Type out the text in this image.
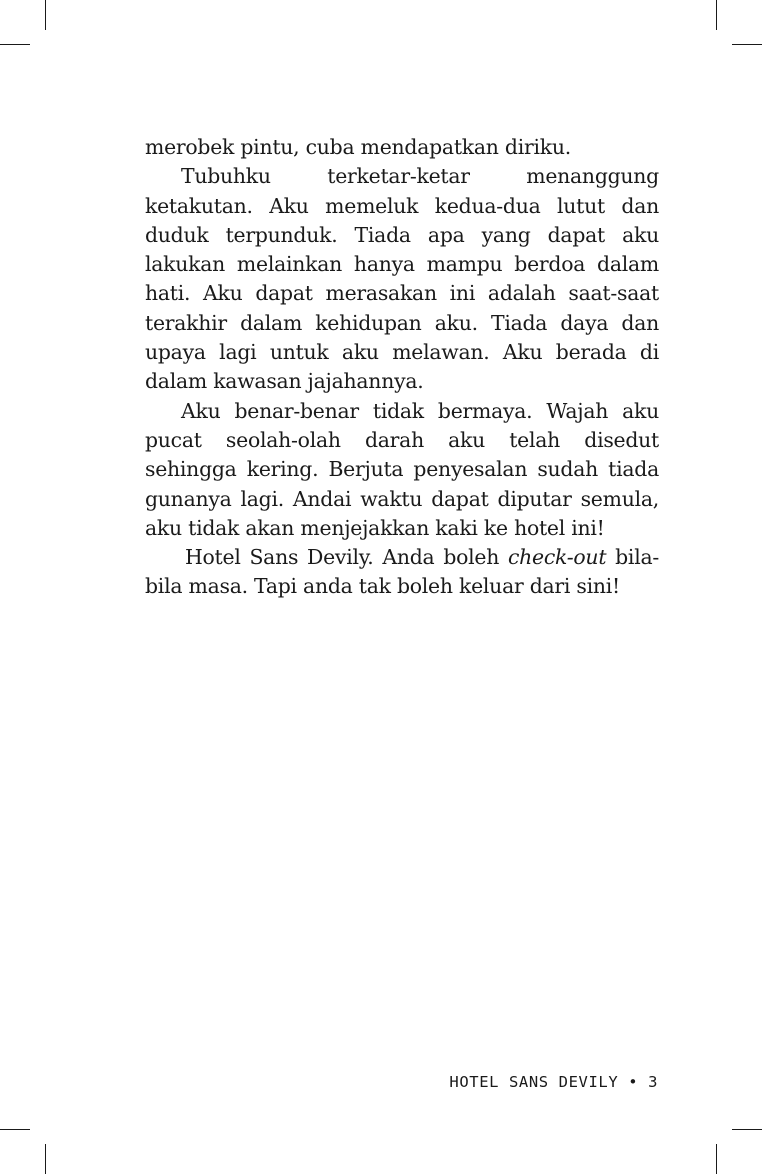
merobek pintu, cuba mendapatkan diriku.

Tubuhku terketar-ketar menanggung ketakutan. Aku memeluk kedua-dua lutut dan duduk terpunduk. Tiada apa yang dapat aku lakukan melainkan hanya mampu berdoa dalam hati. Aku dapat merasakan ini adalah saat-saat terakhir dalam kehidupan aku. Tiada daya dan upaya lagi untuk aku melawan. Aku berada di dalam kawasan jajahannya.

Aku benar-benar tidak bermaya. Wajah aku pucat seolah-olah darah aku telah disedut sehingga kering. Berjuta penyesalan sudah tiada gunanya lagi. Andai waktu dapat diputar semula, aku tidak akan menjejakkan kaki ke hotel ini!

Hotel Sans Devily. Anda boleh check-out bila-bila masa. Tapi anda tak boleh keluar dari sini!

HOTEL SANS DEVILY • 3
